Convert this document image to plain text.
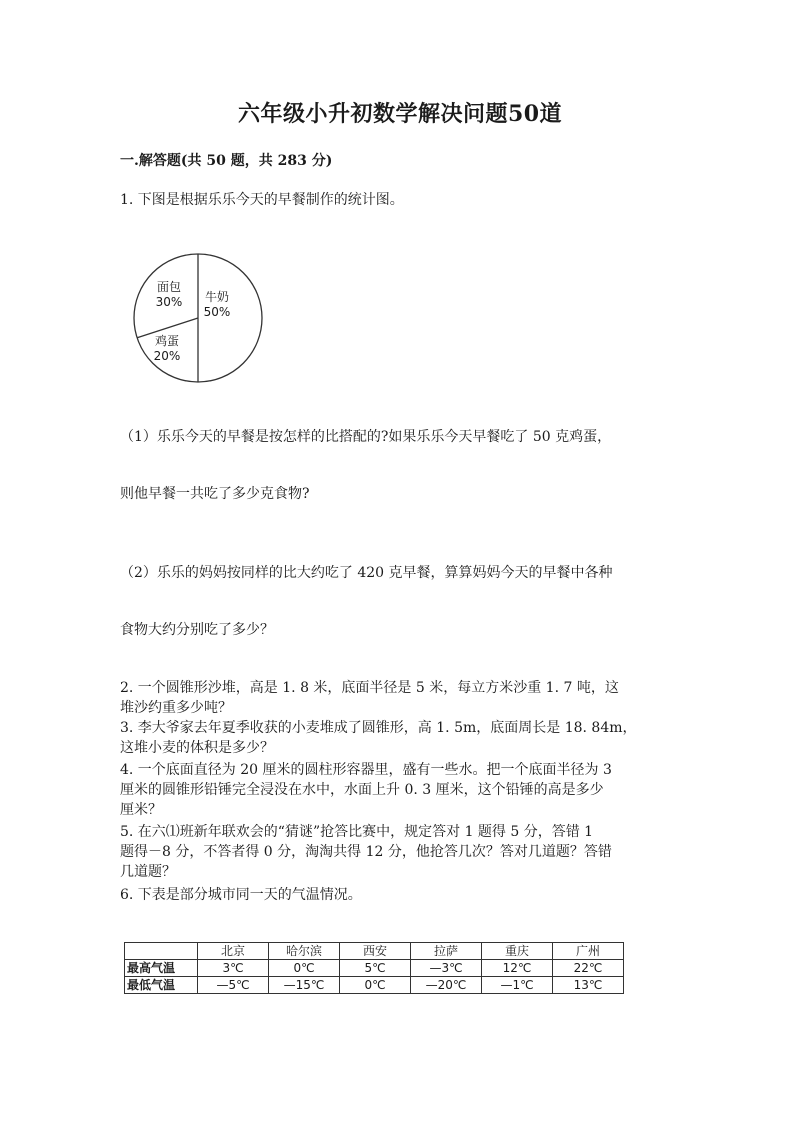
六年级小升初数学解决问题50道
一.解答题(共 50 题，共 283 分)
1. 下图是根据乐乐今天的早餐制作的统计图。
牛奶
50%
鸡蛋
20%
面包
30%
（1）乐乐今天的早餐是按怎样的比搭配的?如果乐乐今天早餐吃了 50 克鸡蛋，
则他早餐一共吃了多少克食物?
（2）乐乐的妈妈按同样的比大约吃了 420 克早餐，算算妈妈今天的早餐中各种
食物大约分别吃了多少？
2. 一个圆锥形沙堆，高是 1. 8 米，底面半径是 5 米，每立方米沙重 1. 7 吨，这
堆沙约重多少吨？
3. 李大爷家去年夏季收获的小麦堆成了圆锥形，高 1. 5m，底面周长是 18. 84m，
这堆小麦的体积是多少？
4. 一个底面直径为 20 厘米的圆柱形容器里，盛有一些水。把一个底面半径为 3
厘米的圆锥形铅锤完全浸没在水中，水面上升 0. 3 厘米，这个铅锤的高是多少
厘米？
5. 在六⑴班新年联欢会的“猜谜”抢答比赛中，规定答对 1 题得 5 分，答错 1
题得－8 分，不答者得 0 分，淘淘共得 12 分，他抢答几次？答对几道题？答错
几道题？
6. 下表是部分城市同一天的气温情况。
	北京	哈尔滨	西安	拉萨	重庆	广州
最高气温	3℃	0℃	5℃	—3℃	12℃	22℃
最低气温	—5℃	—15℃	0℃	—20℃	—1℃	13℃
